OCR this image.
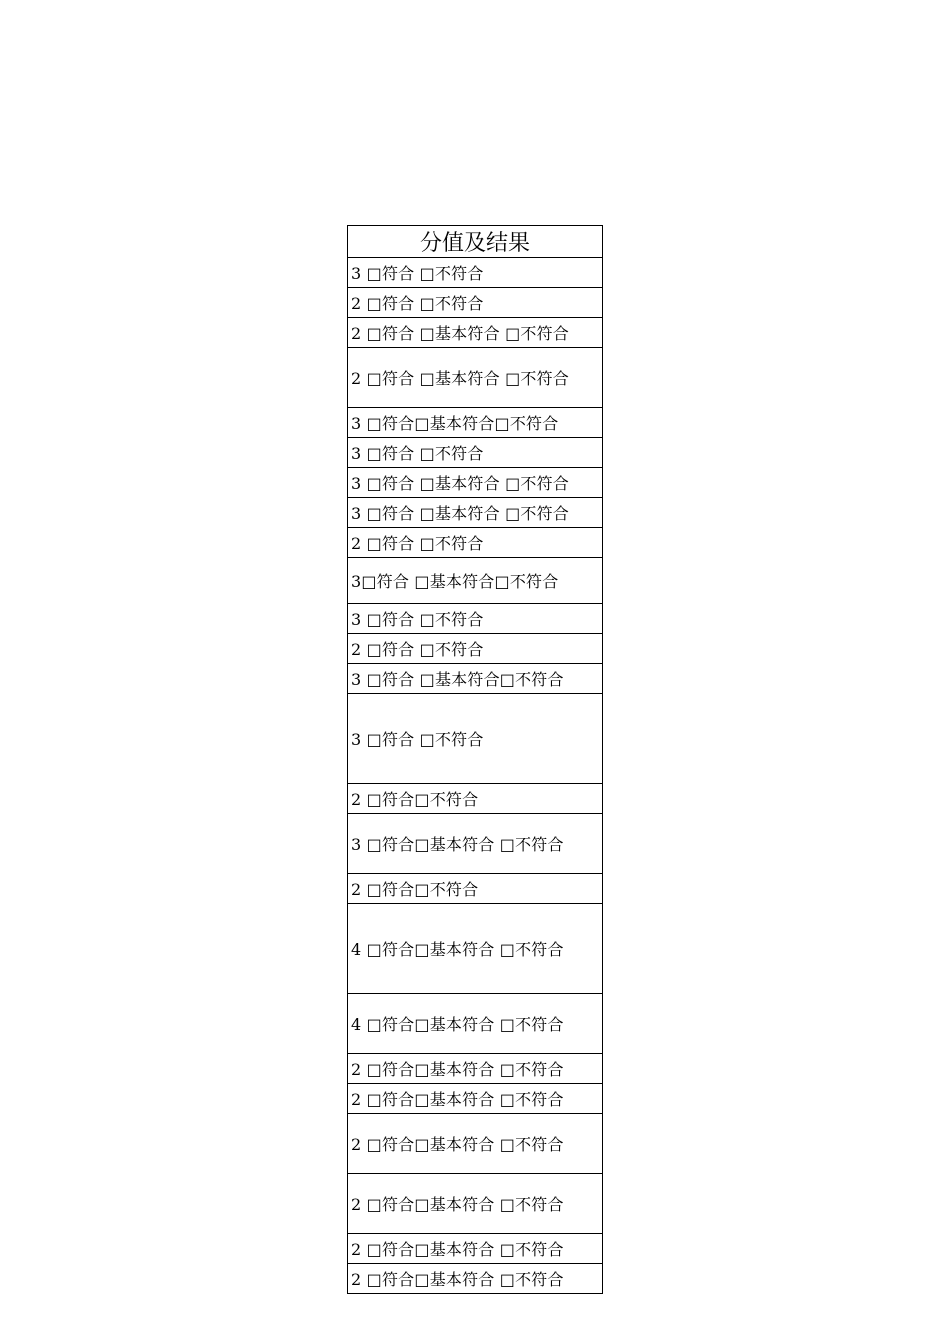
分值及结果
3 □符合 □不符合
2 □符合 □不符合
2 □符合 □基本符合 □不符合
2 □符合 □基本符合 □不符合
3 □符合□基本符合□不符合
3 □符合 □不符合
3 □符合 □基本符合 □不符合
3 □符合 □基本符合 □不符合
2 □符合 □不符合
3□符合 □基本符合□不符合
3 □符合 □不符合
2 □符合 □不符合
3 □符合 □基本符合□不符合
3 □符合 □不符合
2 □符合□不符合
3 □符合□基本符合 □不符合
2 □符合□不符合
4 □符合□基本符合 □不符合
4 □符合□基本符合 □不符合
2 □符合□基本符合 □不符合
2 □符合□基本符合 □不符合
2 □符合□基本符合 □不符合
2 □符合□基本符合 □不符合
2 □符合□基本符合 □不符合
2 □符合□基本符合 □不符合
